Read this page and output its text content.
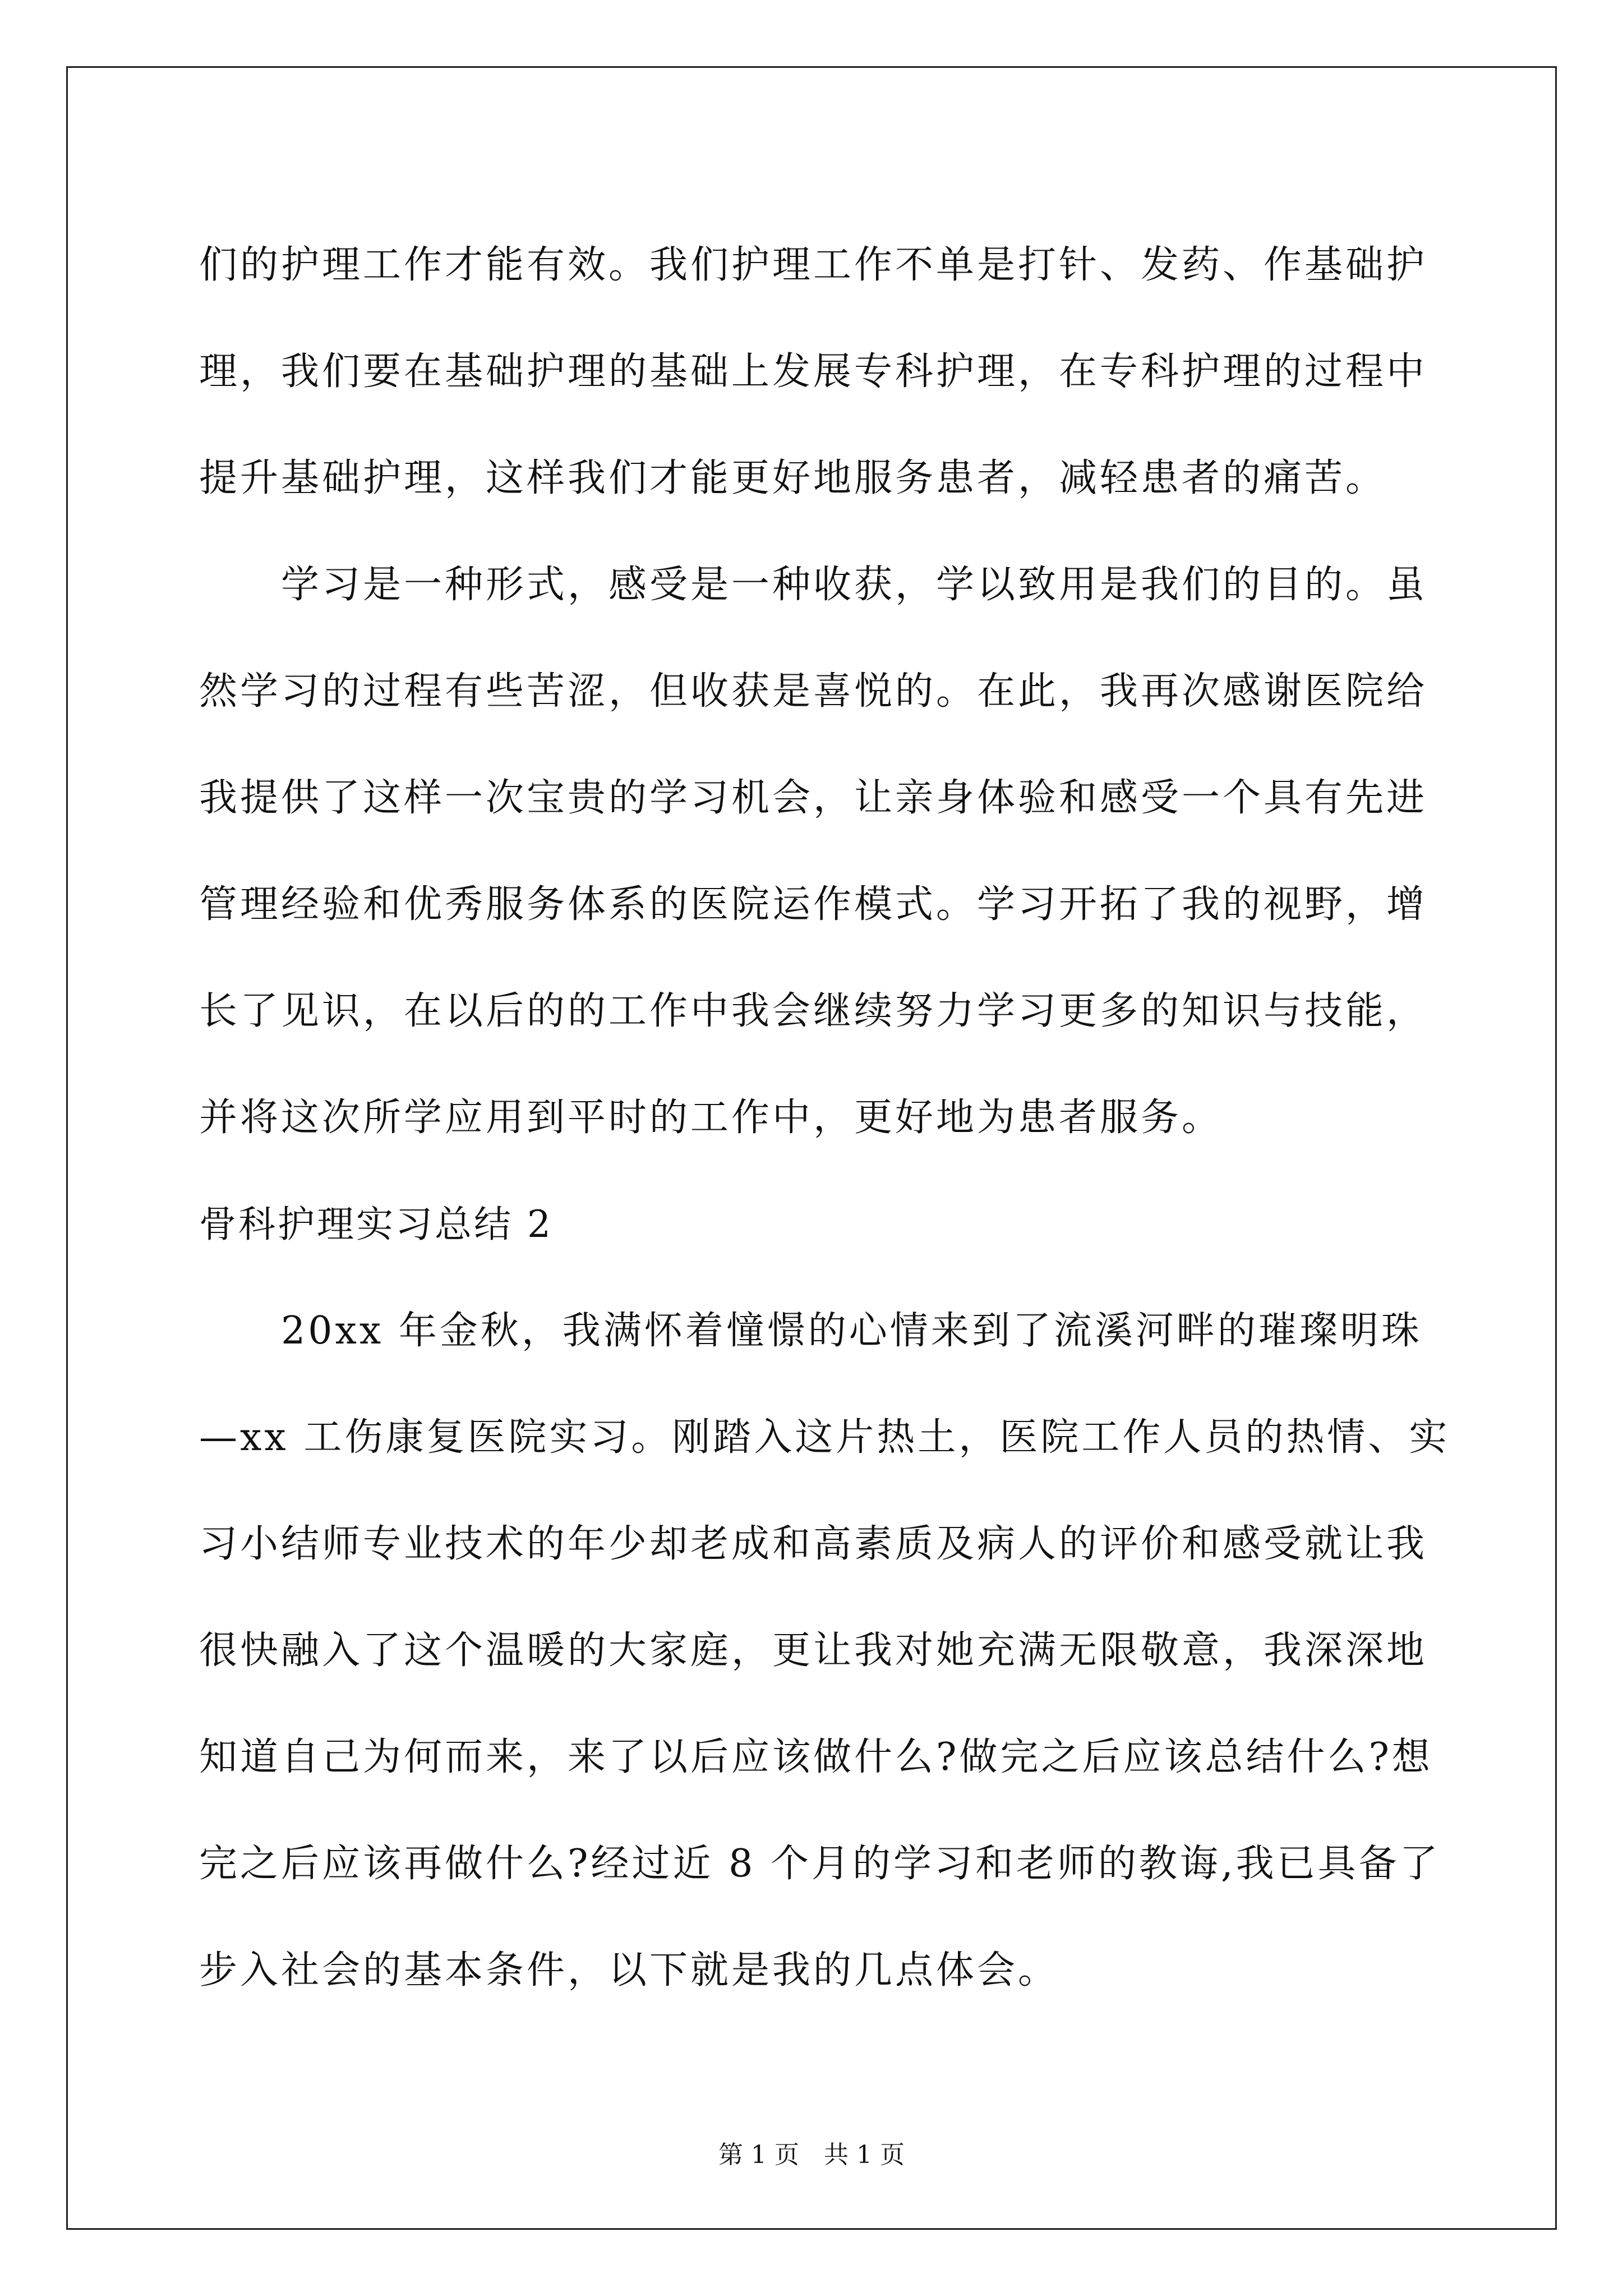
们的护理工作才能有效。我们护理工作不单是打针、发药、作基础护
理，我们要在基础护理的基础上发展专科护理，在专科护理的过程中
提升基础护理，这样我们才能更好地服务患者，减轻患者的痛苦。
　　学习是一种形式，感受是一种收获，学以致用是我们的目的。虽
然学习的过程有些苦涩，但收获是喜悦的。在此，我再次感谢医院给
我提供了这样一次宝贵的学习机会，让亲身体验和感受一个具有先进
管理经验和优秀服务体系的医院运作模式。学习开拓了我的视野，增
长了见识，在以后的的工作中我会继续努力学习更多的知识与技能，
并将这次所学应用到平时的工作中，更好地为患者服务。
骨科护理实习总结 2
　　20xx 年金秋，我满怀着憧憬的心情来到了流溪河畔的璀璨明珠
—xx 工伤康复医院实习。刚踏入这片热土，医院工作人员的热情、实
习小结师专业技术的年少却老成和高素质及病人的评价和感受就让我
很快融入了这个温暖的大家庭，更让我对她充满无限敬意，我深深地
知道自己为何而来，来了以后应该做什么?做完之后应该总结什么?想
完之后应该再做什么?经过近 8 个月的学习和老师的教诲,我已具备了
步入社会的基本条件，以下就是我的几点体会。
第 1 页　共 1 页
